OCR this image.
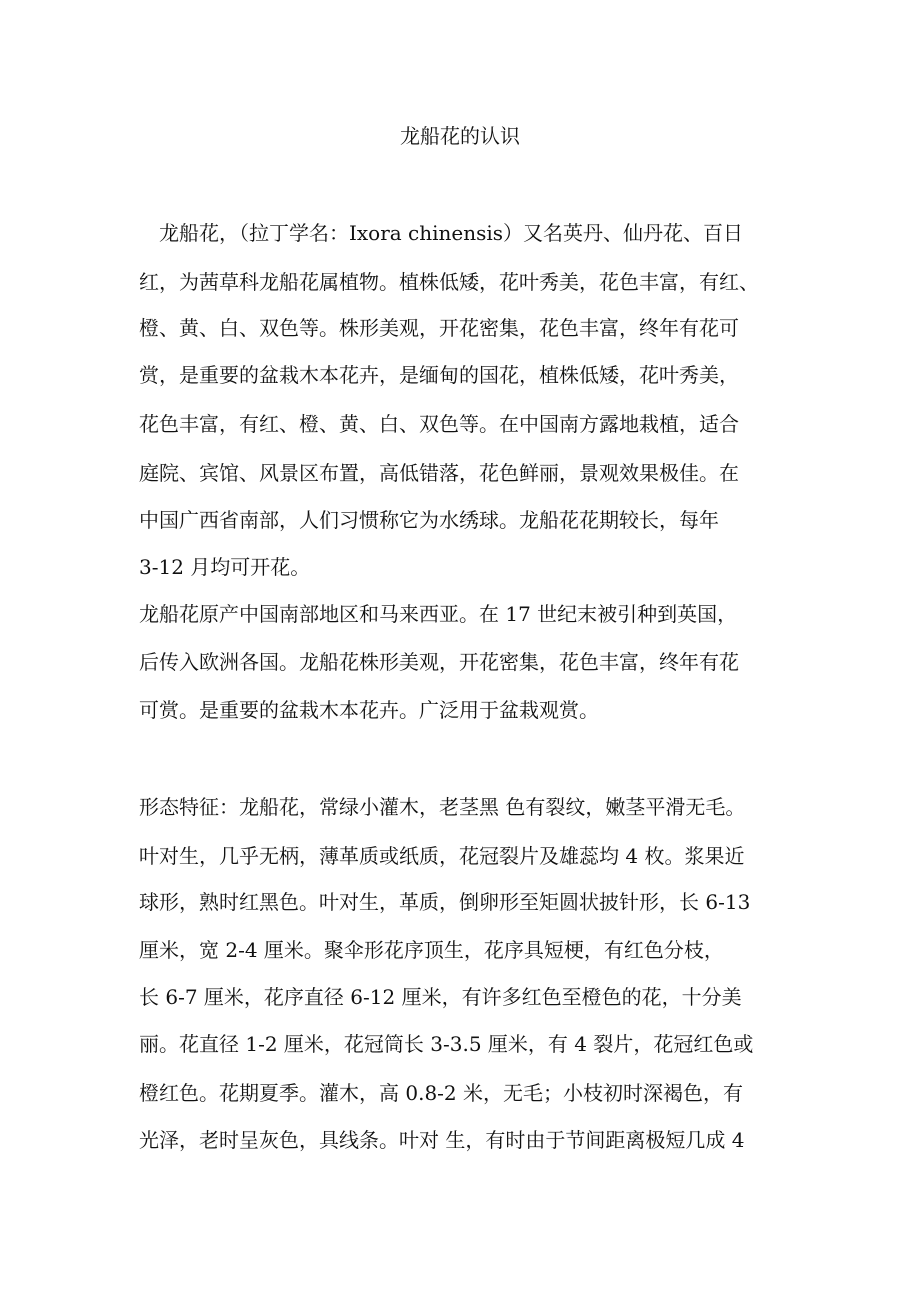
龙船花的认识

　龙船花，（拉丁学名：Ixora chinensis）又名英丹、仙丹花、百日

红，为茜草科龙船花属植物。植株低矮，花叶秀美，花色丰富，有红、

橙、黄、白、双色等。株形美观，开花密集，花色丰富，终年有花可

赏，是重要的盆栽木本花卉，是缅甸的国花，植株低矮，花叶秀美，

花色丰富，有红、橙、黄、白、双色等。在中国南方露地栽植，适合

庭院、宾馆、风景区布置，高低错落，花色鲜丽，景观效果极佳。在

中国广西省南部，人们习惯称它为水绣球。龙船花花期较长，每年

3-12 月均可开花。

龙船花原产中国南部地区和马来西亚。在 17 世纪末被引种到英国，

后传入欧洲各国。龙船花株形美观，开花密集，花色丰富，终年有花

可赏。是重要的盆栽木本花卉。广泛用于盆栽观赏。

形态特征：龙船花，常绿小灌木，老茎黑 色有裂纹，嫩茎平滑无毛。

叶对生，几乎无柄，薄革质或纸质，花冠裂片及雄蕊均 4 枚。浆果近

球形，熟时红黑色。叶对生，革质，倒卵形至矩圆状披针形，长 6-13

厘米，宽 2-4 厘米。聚伞形花序顶生，花序具短梗，有红色分枝，

长 6-7 厘米，花序直径 6-12 厘米，有许多红色至橙色的花，十分美

丽。花直径 1-2 厘米，花冠筒长 3-3.5 厘米，有 4 裂片，花冠红色或

橙红色。花期夏季。灌木，高 0.8-2 米，无毛；小枝初时深褐色，有

光泽，老时呈灰色，具线条。叶对 生，有时由于节间距离极短几成 4
